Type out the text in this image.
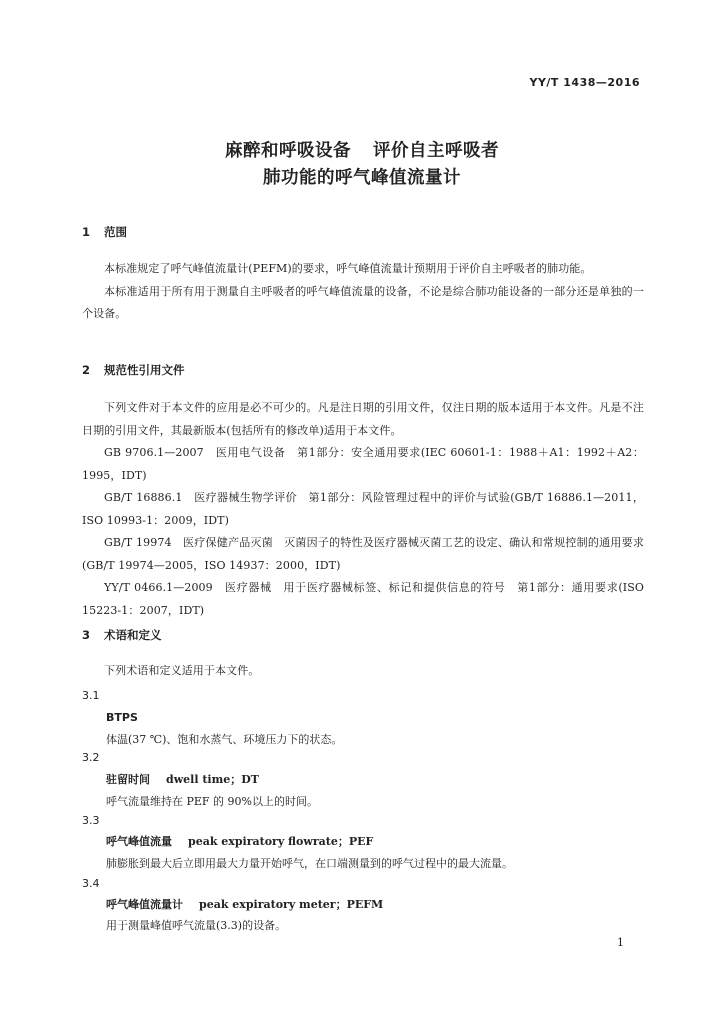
YY/T 1438—2016
麻醉和呼吸设备 评价自主呼吸者
肺功能的呼气峰值流量计
1 范围

本标准规定了呼气峰值流量计(PEFM)的要求，呼气峰值流量计预期用于评价自主呼吸者的肺功能。

本标准适用于所有用于测量自主呼吸者的呼气峰值流量的设备，不论是综合肺功能设备的一部分还是单独的一个设备。

2 规范性引用文件

下列文件对于本文件的应用是必不可少的。凡是注日期的引用文件，仅注日期的版本适用于本文件。凡是不注日期的引用文件，其最新版本(包括所有的修改单)适用于本文件。

GB 9706.1—2007　医用电气设备　第1部分：安全通用要求(IEC 60601-1：1988＋A1：1992＋A2：1995，IDT)

GB/T 16886.1　医疗器械生物学评价　第1部分：风险管理过程中的评价与试验(GB/T 16886.1—2011，ISO 10993-1：2009，IDT)

GB/T 19974　医疗保健产品灭菌　灭菌因子的特性及医疗器械灭菌工艺的设定、确认和常规控制的通用要求(GB/T 19974—2005，ISO 14937：2000，IDT)

YY/T 0466.1—2009　医疗器械　用于医疗器械标签、标记和提供信息的符号　第1部分：通用要求(ISO 15223-1：2007，IDT)

3 术语和定义

下列术语和定义适用于本文件。

3.1
BTPS
体温(37 ℃)、饱和水蒸气、环境压力下的状态。
3.2
驻留时间 dwell time；DT
呼气流量维持在 PEF 的 90%以上的时间。
3.3
呼气峰值流量 peak expiratory flowrate；PEF
肺膨胀到最大后立即用最大力量开始呼气，在口端测量到的呼气过程中的最大流量。
3.4
呼气峰值流量计 peak expiratory meter；PEFM
用于测量峰值呼气流量(3.3)的设备。
1
